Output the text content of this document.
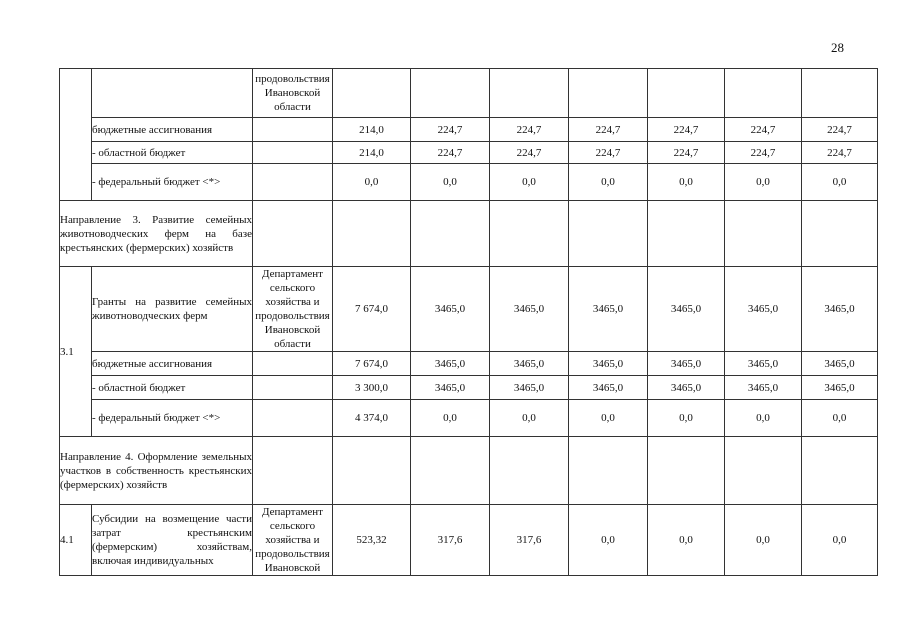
28
		продовольствия Ивановской области							
	бюджетные ассигнования		214,0	224,7	224,7	224,7	224,7	224,7	224,7
	- областной бюджет		214,0	224,7	224,7	224,7	224,7	224,7	224,7
	- федеральный бюджет <*>		0,0	0,0	0,0	0,0	0,0	0,0	0,0
Направление 3. Развитие семейных животноводческих ферм на базе крестьянских (фермерских) хозяйств									
3.1	Гранты на развитие семейных животноводческих ферм	Департамент сельского хозяйства и продовольствия Ивановской области	7 674,0	3465,0	3465,0	3465,0	3465,0	3465,0	3465,0
	бюджетные ассигнования		7 674,0	3465,0	3465,0	3465,0	3465,0	3465,0	3465,0
	- областной бюджет		3 300,0	3465,0	3465,0	3465,0	3465,0	3465,0	3465,0
	- федеральный бюджет <*>		4 374,0	0,0	0,0	0,0	0,0	0,0	0,0
Направление 4. Оформление земельных участков в собственность крестьянских (фермерских) хозяйств									
4.1	Субсидии на возмещение части затрат крестьянским (фермерским) хозяйствам, включая индивидуальных	Департамент сельского хозяйства и продовольствия Ивановской	523,32	317,6	317,6	0,0	0,0	0,0	0,0
